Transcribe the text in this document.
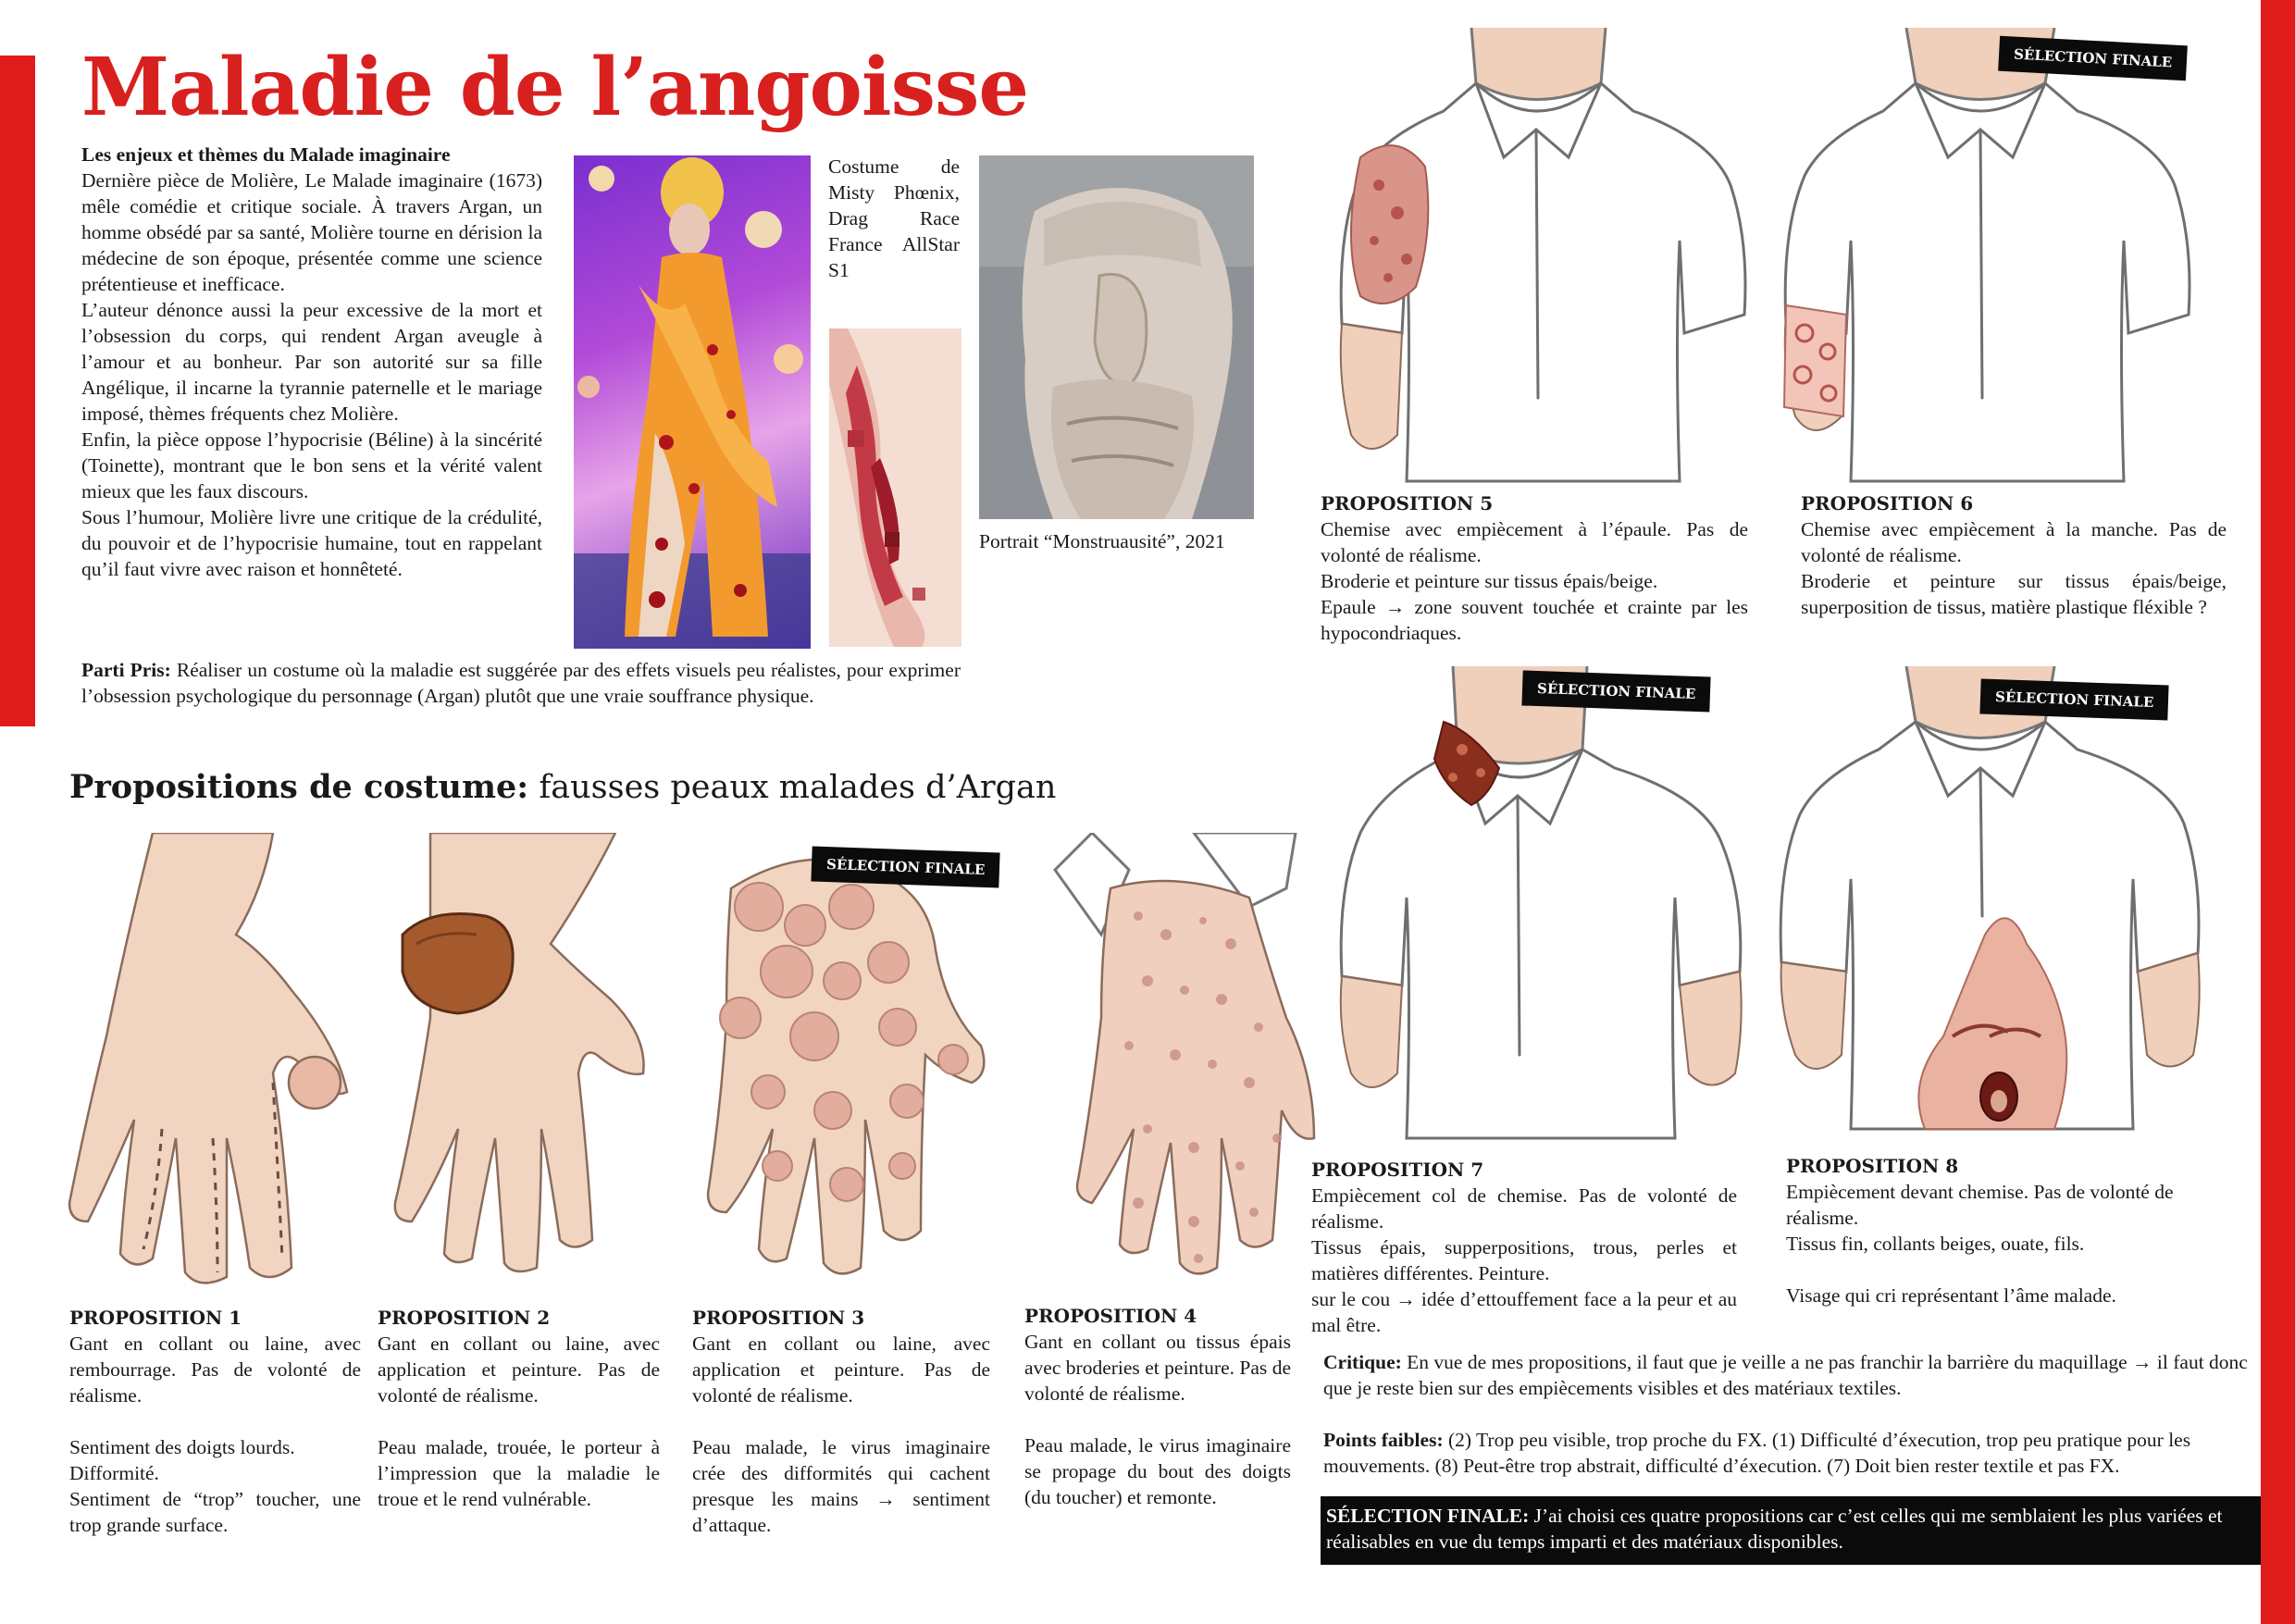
Maladie de l’angoisse

Les enjeux et thèmes du Malade imaginaire

Dernière pièce de Molière, Le Malade imaginaire (1673) mêle comédie et critique sociale. À travers Argan, un homme obsédé par sa santé, Molière tourne en dérision la médecine de son époque, présentée comme une science prétentieuse et inefficace.

L’auteur dénonce aussi la peur excessive de la mort et l’obsession du corps, qui rendent Argan aveugle à l’amour et au bonheur. Par son autorité sur sa fille Angélique, il incarne la tyrannie paternelle et le mariage imposé, thèmes fréquents chez Molière.

Enfin, la pièce oppose l’hypocrisie (Béline) à la sincérité (Toinette), montrant que le bon sens et la vérité valent mieux que les faux discours.

Sous l’humour, Molière livre une critique de la crédulité, du pouvoir et de l’hypocrisie humaine, tout en rappelant qu’il faut vivre avec raison et honnêteté.

Parti Pris: Réaliser un costume où la maladie est suggérée par des effets visuels peu réalistes, pour exprimer l’obsession psychologique du personnage (Argan) plutôt que une vraie souffrance physique.
Costume de Misty Phœnix, Drag Race France AllStar S1
Portrait “Monstruausité”, 2021
Propositions de costume: fausses peaux malades d’Argan
SÉLECTION FINALE

PROPOSITION 1

Gant en collant ou laine, avec rembourrage. Pas de volonté de réalisme.

Sentiment des doigts lourds.

Difformité.

Sentiment de “trop” toucher, une trop grande surface.

PROPOSITION 2

Gant en collant ou laine, avec application et peinture. Pas de volonté de réalisme.

Peau malade, trouée, le porteur à l’impression que la maladie le troue et le rend vulnérable.

PROPOSITION 3

Gant en collant ou laine, avec application et peinture. Pas de volonté de réalisme.

Peau malade, le virus imaginaire crée des difformités qui cachent presque les mains → sentiment d’attaque.

PROPOSITION 4

Gant en collant ou tissus épais avec broderies et peinture. Pas de volonté de réalisme.

Peau malade, le virus imaginaire se propage du bout des doigts (du toucher) et remonte.

SÉLECTION FINALE

PROPOSITION 5

Chemise avec empiècement à l’épaule. Pas de volonté de réalisme.

Broderie et peinture sur tissus épais/beige.

Epaule → zone souvent touchée et crainte par les hypocondriaques.

PROPOSITION 6

Chemise avec empiècement à la manche. Pas de volonté de réalisme.

Broderie et peinture sur tissus épais/beige, superposition de tissus, matière plastique fléxible ?

SÉLECTION FINALE	SÉLECTION FINALE

PROPOSITION 7

Empiècement col de chemise. Pas de volonté de réalisme.

Tissus épais, supperpositions, trous, perles et matières différentes. Peinture.

sur le cou → idée d’ettouffement face a la peur et au mal être.

PROPOSITION 8

Empiècement devant chemise. Pas de volonté de réalisme.

Tissus fin, collants beiges, ouate, fils.

Visage qui cri représentant l’âme malade.

Critique: En vue de mes propositions, il faut que je veille a ne pas franchir la barrière du maquillage → il faut donc que je reste bien sur des empiècements visibles et des matériaux textiles.
Points faibles: (2) Trop peu visible, trop proche du FX. (1) Difficulté d’éxecution, trop peu pratique pour les mouvements. (8) Peut-être trop abstrait, difficulté d’éxecution. (7) Doit bien rester textile et pas FX.
SÉLECTION FINALE: J’ai choisi ces quatre propositions car c’est celles qui me semblaient les plus variées et réalisables en vue du temps imparti et des matériaux disponibles.
